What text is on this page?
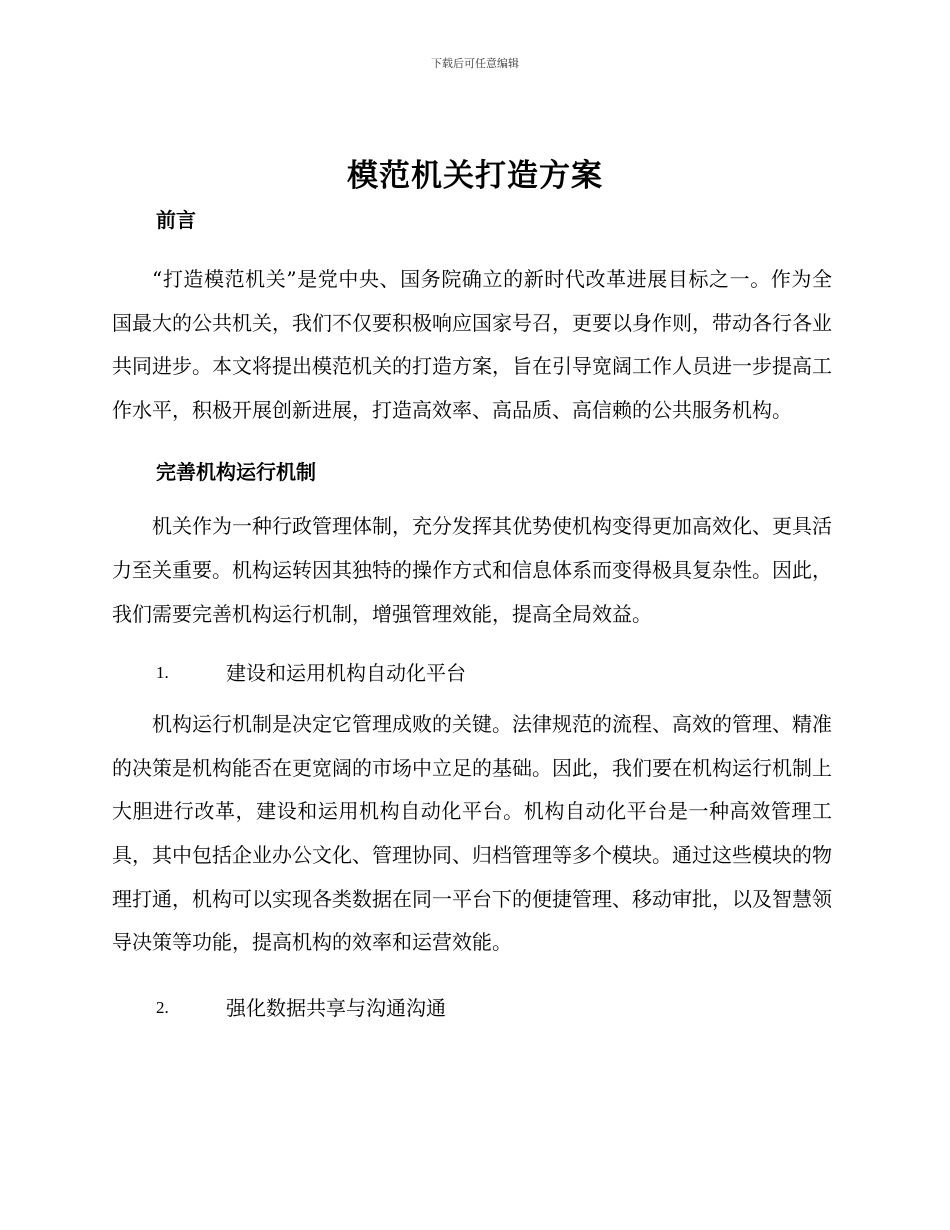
下载后可任意编辑
模范机关打造方案
前言

“打造模范机关”是党中央、国务院确立的新时代改革进展目标之一。作为全国最大的公共机关，我们不仅要积极响应国家号召，更要以身作则，带动各行各业共同进步。本文将提出模范机关的打造方案，旨在引导宽阔工作人员进一步提高工作水平，积极开展创新进展，打造高效率、高品质、高信赖的公共服务机构。

完善机构运行机制

机关作为一种行政管理体制，充分发挥其优势使机构变得更加高效化、更具活力至关重要。机构运转因其独特的操作方式和信息体系而变得极具复杂性。因此，我们需要完善机构运行机制，增强管理效能，提高全局效益。

1.	建设和运用机构自动化平台

机构运行机制是决定它管理成败的关键。法律规范的流程、高效的管理、精准的决策是机构能否在更宽阔的市场中立足的基础。因此，我们要在机构运行机制上大胆进行改革，建设和运用机构自动化平台。机构自动化平台是一种高效管理工具，其中包括企业办公文化、管理协同、归档管理等多个模块。通过这些模块的物理打通，机构可以实现各类数据在同一平台下的便捷管理、移动审批，以及智慧领导决策等功能，提高机构的效率和运营效能。

2.	强化数据共享与沟通沟通
